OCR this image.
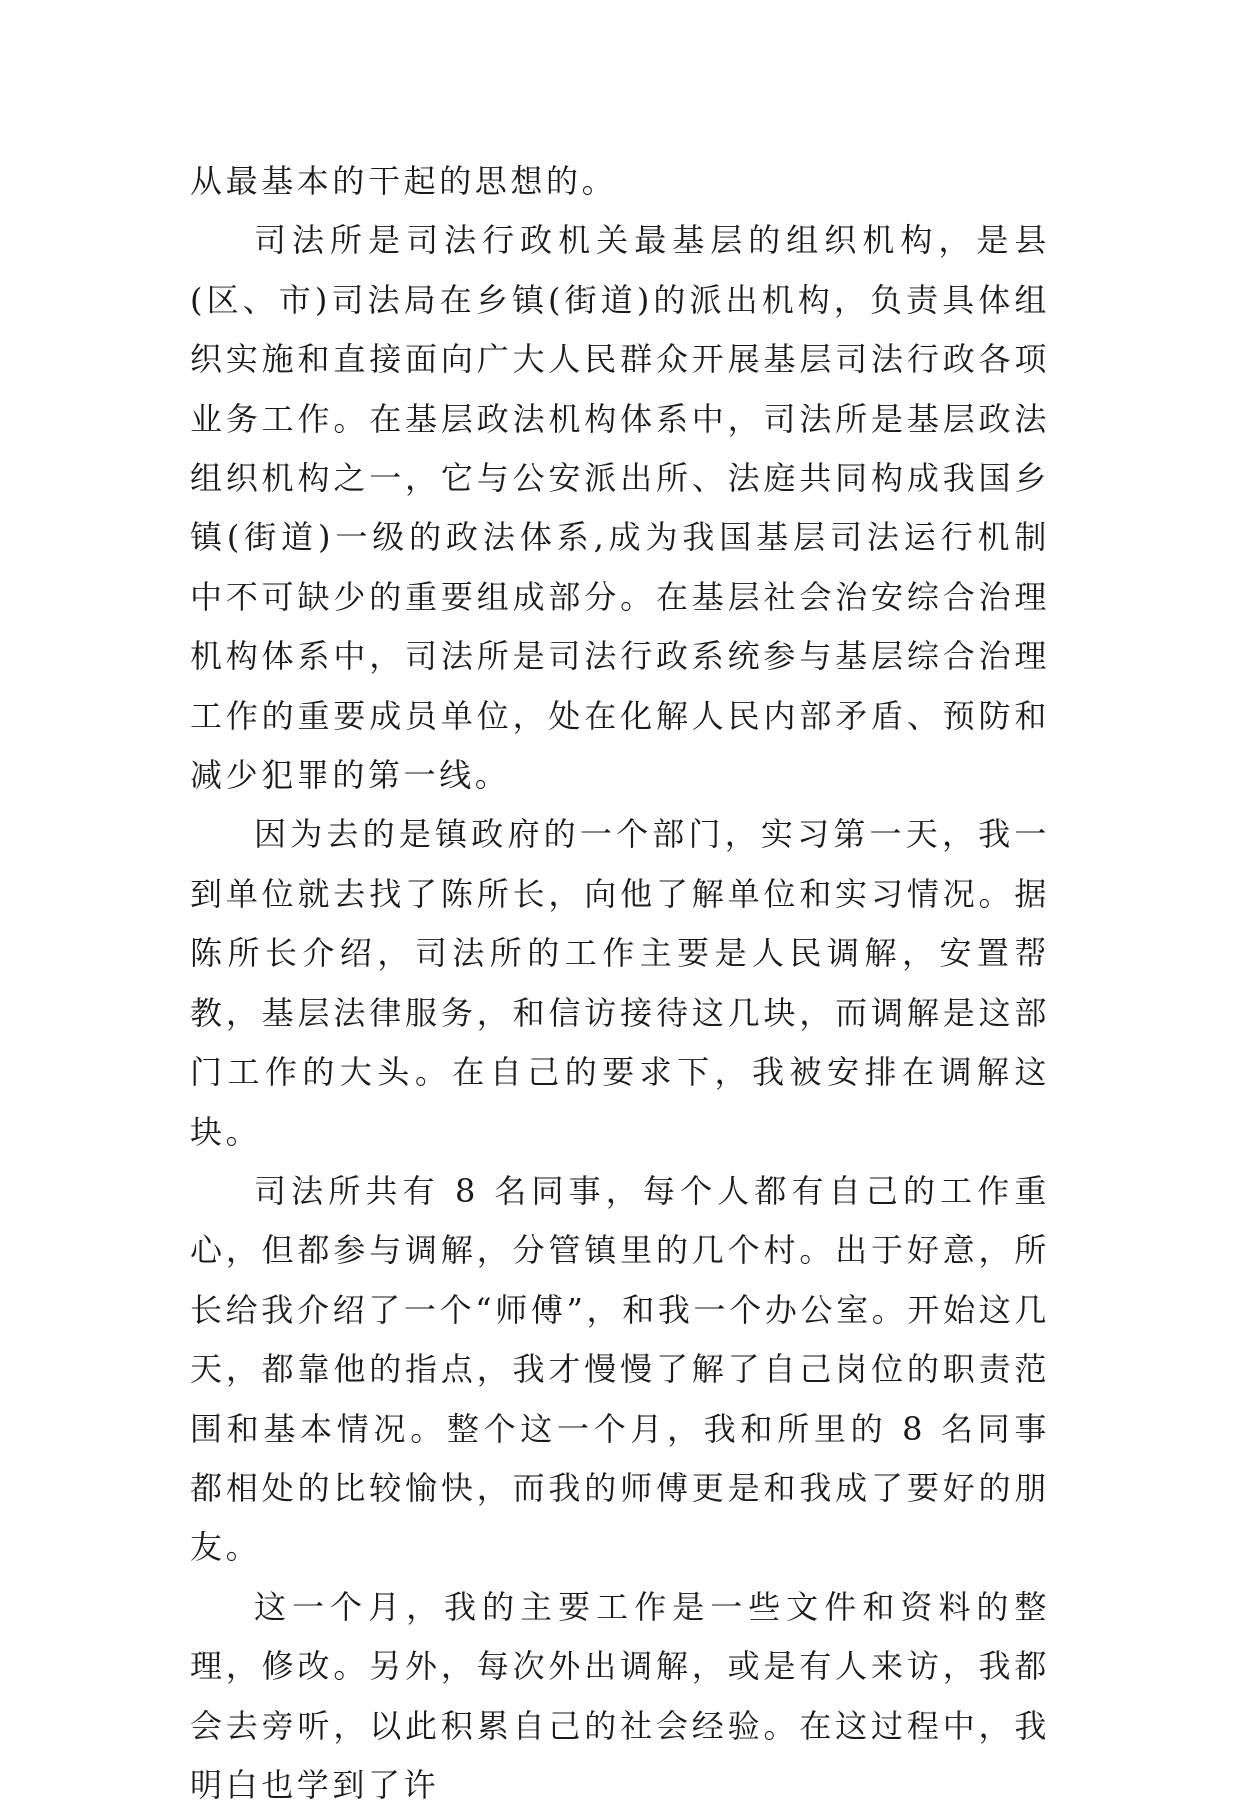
从最基本的干起的思想的。

司法所是司法行政机关最基层的组织机构，是县(区、市)司法局在乡镇(街道)的派出机构，负责具体组织实施和直接面向广大人民群众开展基层司法行政各项业务工作。在基层政法机构体系中，司法所是基层政法组织机构之一，它与公安派出所、法庭共同构成我国乡镇(街道)一级的政法体系,成为我国基层司法运行机制中不可缺少的重要组成部分。在基层社会治安综合治理机构体系中，司法所是司法行政系统参与基层综合治理工作的重要成员单位，处在化解人民内部矛盾、预防和减少犯罪的第一线。

因为去的是镇政府的一个部门，实习第一天，我一到单位就去找了陈所长，向他了解单位和实习情况。据陈所长介绍，司法所的工作主要是人民调解，安置帮教，基层法律服务，和信访接待这几块，而调解是这部门工作的大头。在自己的要求下，我被安排在调解这块。

司法所共有 8 名同事，每个人都有自己的工作重心，但都参与调解，分管镇里的几个村。出于好意，所长给我介绍了一个“师傅”，和我一个办公室。开始这几天，都靠他的指点，我才慢慢了解了自己岗位的职责范围和基本情况。整个这一个月，我和所里的 8 名同事都相处的比较愉快，而我的师傅更是和我成了要好的朋友。

这一个月，我的主要工作是一些文件和资料的整理，修改。另外，每次外出调解，或是有人来访，我都会去旁听，以此积累自己的社会经验。在这过程中，我明白也学到了许
